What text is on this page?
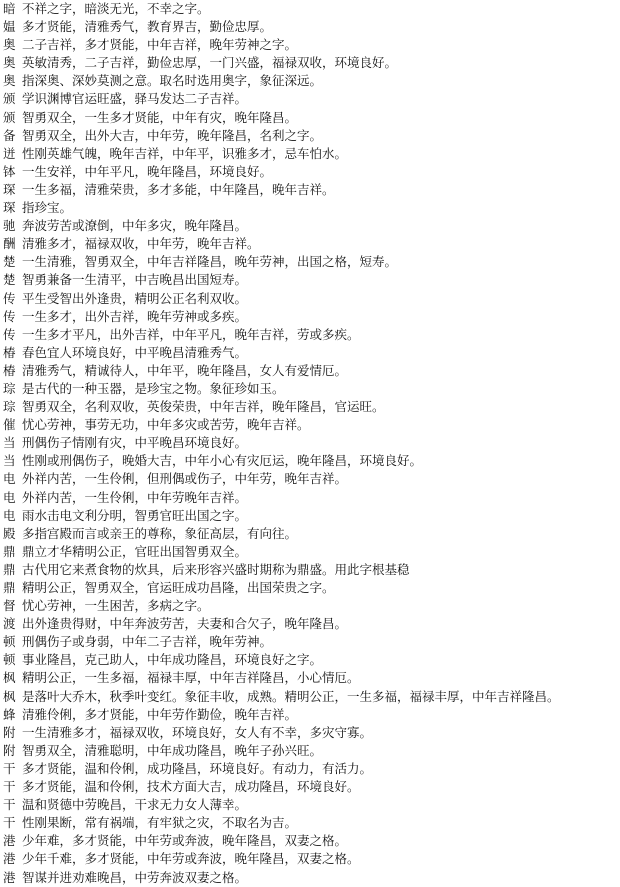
暗 不祥之字，暗淡无光，不幸之字。
媪 多才贤能，清雅秀气，教育界吉，勤俭忠厚。
奥 二子吉祥，多才贤能，中年吉祥，晚年劳神之字。
奥 英敏清秀，二子吉祥，勤俭忠厚，一门兴盛，福禄双收，环境良好。
奥 指深奥、深妙莫测之意。取名时选用奥字，象征深远。
颁 学识渊博官运旺盛，驿马发达二子吉祥。
颁 智勇双全，一生多才贤能，中年有灾，晚年隆昌。
备 智勇双全，出外大吉，中年劳，晚年隆昌，名利之字。
迸 性刚英雄气魄，晚年吉祥，中年平，识雅多才，忌车怕水。
钵 一生安祥，中年平凡，晚年隆昌，环境良好。
琛 一生多福，清雅荣贵，多才多能，中年隆昌，晚年吉祥。
琛 指珍宝。
驰 奔波劳苦或潦倒，中年多灾，晚年隆昌。
酬 清雅多才，福禄双收，中年劳，晚年吉祥。
楚 一生清雅，智勇双全，中年吉祥隆昌，晚年劳神，出国之格，短寿。
楚 智勇兼备一生清平，中吉晚昌出国短寿。
传 平生受智出外逢贵，精明公正名利双收。
传 一生多才，出外吉祥，晚年劳神或多疾。
传 一生多才平凡，出外吉祥，中年平凡，晚年吉祥，劳或多疾。
椿 春色宜人环境良好，中平晚昌清雅秀气。
椿 清雅秀气，精诚待人，中年平，晚年隆昌，女人有爱情厄。
琮 是古代的一种玉器，是珍宝之物。象征珍如玉。
琮 智勇双全，名利双收，英俊荣贵，中年吉祥，晚年隆昌，官运旺。
催 忧心劳神，事劳无功，中年多灾或苦劳，晚年吉祥。
当 刑偶伤子情刚有灾，中平晚昌环境良好。
当 性刚或刑偶伤子，晚婚大吉，中年小心有灾厄运，晚年隆昌，环境良好。
电 外祥内苦，一生伶俐，但刑偶或伤子，中年劳，晚年吉祥。
电 外祥内苦，一生伶俐，中年劳晚年吉祥。
电 雨水击电文利分明，智勇官旺出国之字。
殿 多指宫殿而言或亲王的尊称，象征高层，有向往。
鼎 鼎立才华精明公正，官旺出国智勇双全。
鼎 古代用它来煮食物的炊具，后来形容兴盛时期称为鼎盛。用此字根基稳
鼎 精明公正，智勇双全，官运旺成功昌隆，出国荣贵之字。
督 忧心劳神，一生困苦，多病之字。
渡 出外逢贵得财，中年奔波劳苦，夫妻和合欠子，晚年隆昌。
顿 刑偶伤子或身弱，中年二子吉祥，晚年劳神。
顿 事业隆昌，克己助人，中年成功隆昌，环境良好之字。
枫 精明公正，一生多福，福禄丰厚，中年吉祥隆昌，小心情厄。
枫 是落叶大乔木，秋季叶变红。象征丰收，成熟。精明公正，一生多福，福禄丰厚，中年吉祥隆昌。
蜂 清雅伶俐，多才贤能，中年劳作勤俭，晚年吉祥。
附 一生清雅多才，福禄双收，环境良好，女人有不幸，多灾守寡。
附 智勇双全，清雅聪明，中年成功隆昌，晚年子孙兴旺。
干 多才贤能，温和伶俐，成功隆昌，环境良好。有动力，有活力。
干 多才贤能，温和伶俐，技术方面大吉，成功隆昌，环境良好。
干 温和贤德中劳晚昌，干求无力女人薄幸。
干 性刚果断，常有祸端，有牢狱之灾，不取名为吉。
港 少年难，多才贤能，中年劳或奔波，晚年隆昌，双妻之格。
港 少年千难，多才贤能，中年劳或奔波，晚年隆昌，双妻之格。
港 智谋并进劝难晚昌，中劳奔波双妻之格。
